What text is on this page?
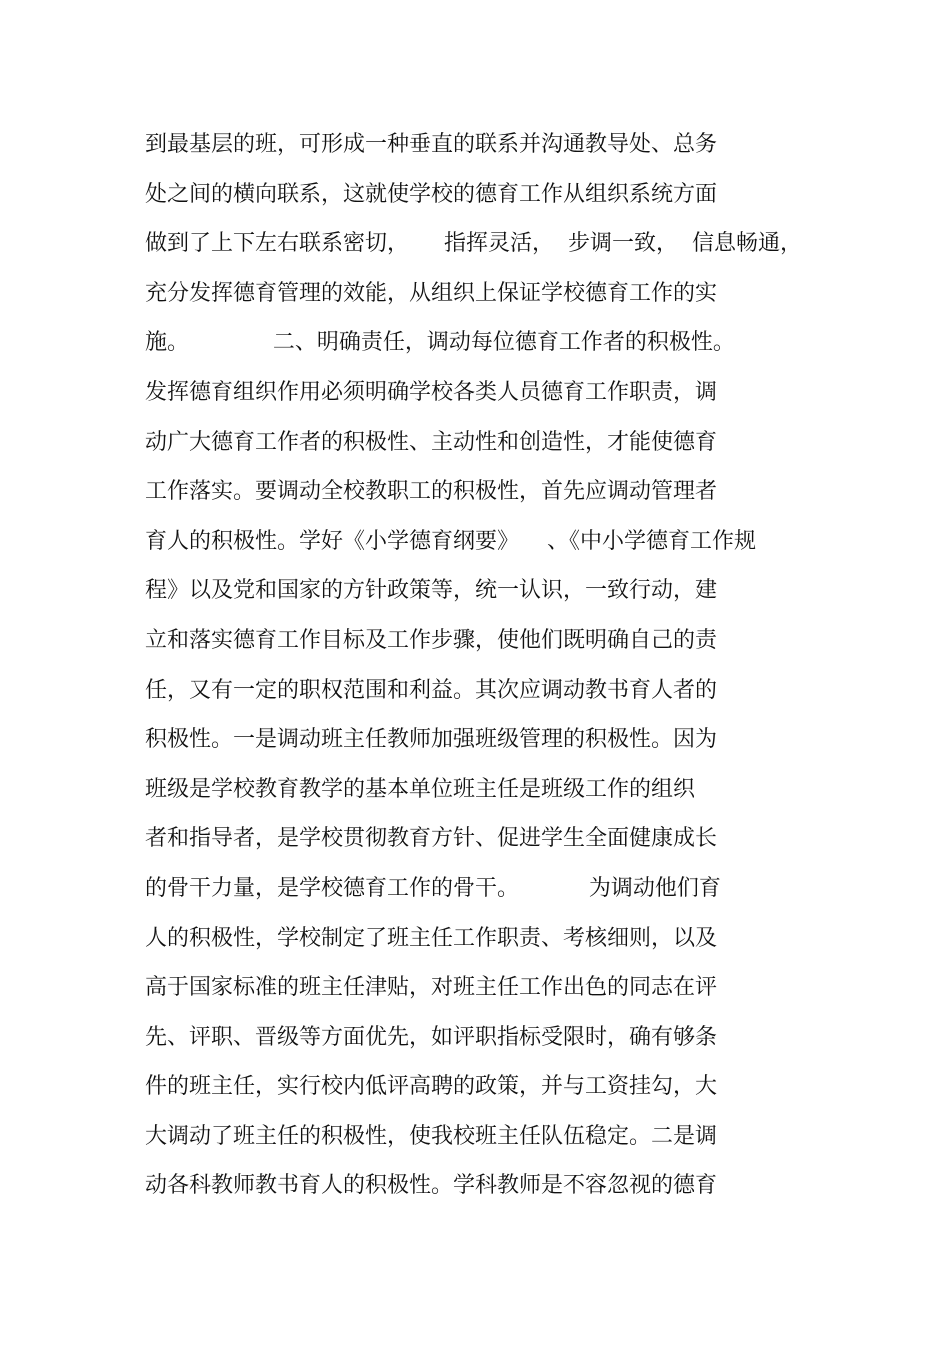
到最基层的班，可形成一种垂直的联系并沟通教导处、总务
处之间的横向联系，这就使学校的德育工作从组织系统方面
做到了上下左右联系密切，     指挥灵活，  步调一致，  信息畅通，
充分发挥德育管理的效能，从组织上保证学校德育工作的实
施。            二、明确责任，调动每位德育工作者的积极性。
发挥德育组织作用必须明确学校各类人员德育工作职责，调
动广大德育工作者的积极性、主动性和创造性，才能使德育
工作落实。要调动全校教职工的积极性，首先应调动管理者
育人的积极性。学好《小学德育纲要》    、《中小学德育工作规
程》以及党和国家的方针政策等，统一认识，一致行动，建
立和落实德育工作目标及工作步骤，使他们既明确自己的责
任，又有一定的职权范围和利益。其次应调动教书育人者的
积极性。一是调动班主任教师加强班级管理的积极性。因为
班级是学校教育教学的基本单位班主任是班级工作的组织
者和指导者，是学校贯彻教育方针、促进学生全面健康成长
的骨干力量，是学校德育工作的骨干。          为调动他们育
人的积极性，学校制定了班主任工作职责、考核细则，以及
高于国家标准的班主任津贴，对班主任工作出色的同志在评
先、评职、晋级等方面优先，如评职指标受限时，确有够条
件的班主任，实行校内低评高聘的政策，并与工资挂勾，大
大调动了班主任的积极性，使我校班主任队伍稳定。二是调
动各科教师教书育人的积极性。学科教师是不容忽视的德育
